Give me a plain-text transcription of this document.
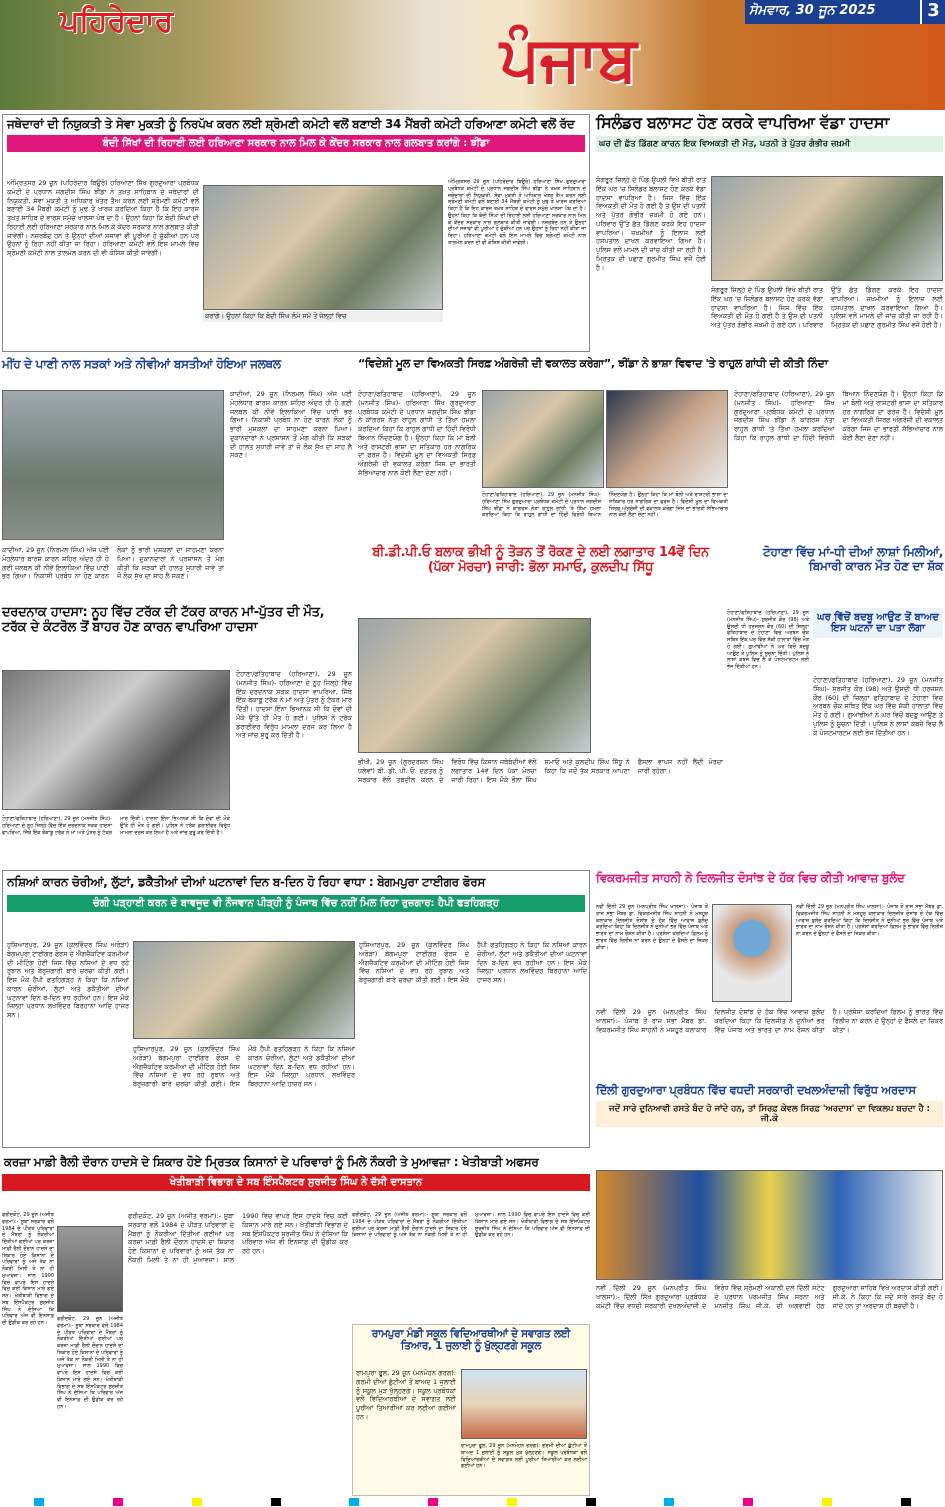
ਪਹਿਰੇਦਾਰ
ਪੰਜਾਬ
ਸੋਮਵਾਰ, 30 ਜੂਨ 2025	3
ਜਥੇਦਾਰਾਂ ਦੀ ਨਿਯੁਕਤੀ ਤੇ ਸੇਵਾ ਮੁਕਤੀ ਨੂੰ ਨਿਰਪੱਖ ਕਰਨ ਲਈ ਸ਼੍ਰੋਮਣੀ ਕਮੇਟੀ ਵਲੋਂ ਬਣਾਈ 34 ਮੈਂਬਰੀ ਕਮੇਟੀ ਹਰਿਆਣਾ ਕਮੇਟੀ ਵਲੋਂ ਰੱਦ
ਬੰਦੀ ਸਿੱਖਾਂ ਦੀ ਰਿਹਾਈ ਲਈ ਹਰਿਆਣਾ ਸਰਕਾਰ ਨਾਲ ਮਿਲ ਕੇ ਕੇਂਦਰ ਸਰਕਾਰ ਨਾਲ ਗਲਬਾਤ ਕਰਾਂਗੇ : ਝੀਂਡਾ
ਅੰਮ੍ਰਿਤਸਰ 29 ਜੂਨ (ਪਹਿਰੇਦਾਰ ਬਿਊਰੋ) ਹਰਿਆਣਾ ਸਿੱਖ ਗੁਰਦੁਆਰਾ ਪ੍ਰਬੰਧਕ ਕਮੇਟੀ ਦੇ ਪ੍ਰਧਾਨ ਜਗਦੀਸ਼ ਸਿੰਘ ਝੀਂਡਾ ਨੇ ਤਖ਼ਤ ਸਾਹਿਬਾਨ ਦੇ ਜਥੇਦਾਰਾਂ ਦੀ ਨਿਯੁਕਤੀ, ਸੇਵਾ ਮੁਕਤੀ ਤੇ ਅਧਿਕਾਰ ਖੇਤਰ ਤੈਅ ਕਰਨ ਲਈ ਸ਼੍ਰੋਮਣੀ ਕਮੇਟੀ ਵਲੋਂ ਬਣਾਈ 34 ਮੈਂਬਰੀ ਕਮੇਟੀ ਨੂੰ ਮੁਢ ਤੋਂ ਖਾਰਜ ਕਰਦਿਆਂ ਕਿਹਾ ਹੈ ਕਿ ਇਹ ਕਾਰਜ ਤਖ਼ਤ ਸਾਹਿਬ ਦੇ ਵਾਰਸ ਸਮੁੱਚੇ ਖਾਲਸਾ ਪੰਥ ਦਾ ਹੈ। ਉਹਨਾਂ ਕਿਹਾ ਕਿ ਬੰਦੀ ਸਿੰਘਾਂ ਦੀ ਰਿਹਾਈ ਲਈ ਹਰਿਆਣਾ ਸਰਕਾਰ ਨਾਲ ਮਿਲ ਕੇ ਕੇਂਦਰ ਸਰਕਾਰ ਨਾਲ ਗਲਬਾਤ ਕੀਤੀ ਜਾਵੇਗੀ। ਨਜ਼ਰਬੰਦ ਹਨ ਤੇ ਉਨ੍ਹਾਂ ਦੀਆਂ ਸਜਾਵਾਂ ਵੀ ਪੂਰੀਆਂ ਹੋ ਚੁੱਕੀਆਂ ਹਨ ਪਰ ਉਹਨਾਂ ਨੂੰ ਰਿਹਾ ਨਹੀਂ ਕੀਤਾ ਜਾ ਰਿਹਾ। ਹਰਿਆਣਾ ਕਮੇਟੀ ਵਲੋਂ ਇਸ ਮਾਮਲੇ ਵਿਚ ਸ਼੍ਰੋਮਣੀ ਕਮੇਟੀ ਨਾਲ ਤਾਲਮੇਲ ਕਰਨ ਦੀ ਵੀ ਕੋਸ਼ਿਸ਼ ਕੀਤੀ ਜਾਵੇਗੀ।
ਕਰਾਂਗੇ। ਉਹਨਾਂ ਕਿਹਾ ਕਿ ਬੰਦੀ ਸਿੰਘ ਲੰਮੇ ਸਮੇਂ ਤੋਂ ਜੇਲ੍ਹਾਂ ਵਿਚ
ਅੰਮ੍ਰਿਤਸਰ 29 ਜੂਨ (ਪਹਿਰੇਦਾਰ ਬਿਊਰੋ) ਹਰਿਆਣਾ ਸਿੱਖ ਗੁਰਦੁਆਰਾ ਪ੍ਰਬੰਧਕ ਕਮੇਟੀ ਦੇ ਪ੍ਰਧਾਨ ਜਗਦੀਸ਼ ਸਿੰਘ ਝੀਂਡਾ ਨੇ ਤਖ਼ਤ ਸਾਹਿਬਾਨ ਦੇ ਜਥੇਦਾਰਾਂ ਦੀ ਨਿਯੁਕਤੀ, ਸੇਵਾ ਮੁਕਤੀ ਤੇ ਅਧਿਕਾਰ ਖੇਤਰ ਤੈਅ ਕਰਨ ਲਈ ਸ਼੍ਰੋਮਣੀ ਕਮੇਟੀ ਵਲੋਂ ਬਣਾਈ 34 ਮੈਂਬਰੀ ਕਮੇਟੀ ਨੂੰ ਮੁਢ ਤੋਂ ਖਾਰਜ ਕਰਦਿਆਂ ਕਿਹਾ ਹੈ ਕਿ ਇਹ ਕਾਰਜ ਤਖ਼ਤ ਸਾਹਿਬ ਦੇ ਵਾਰਸ ਸਮੁੱਚੇ ਖਾਲਸਾ ਪੰਥ ਦਾ ਹੈ। ਉਹਨਾਂ ਕਿਹਾ ਕਿ ਬੰਦੀ ਸਿੰਘਾਂ ਦੀ ਰਿਹਾਈ ਲਈ ਹਰਿਆਣਾ ਸਰਕਾਰ ਨਾਲ ਮਿਲ ਕੇ ਕੇਂਦਰ ਸਰਕਾਰ ਨਾਲ ਗਲਬਾਤ ਕੀਤੀ ਜਾਵੇਗੀ। ਨਜ਼ਰਬੰਦ ਹਨ ਤੇ ਉਨ੍ਹਾਂ ਦੀਆਂ ਸਜਾਵਾਂ ਵੀ ਪੂਰੀਆਂ ਹੋ ਚੁੱਕੀਆਂ ਹਨ ਪਰ ਉਹਨਾਂ ਨੂੰ ਰਿਹਾ ਨਹੀਂ ਕੀਤਾ ਜਾ ਰਿਹਾ। ਹਰਿਆਣਾ ਕਮੇਟੀ ਵਲੋਂ ਇਸ ਮਾਮਲੇ ਵਿਚ ਸ਼੍ਰੋਮਣੀ ਕਮੇਟੀ ਨਾਲ ਤਾਲਮੇਲ ਕਰਨ ਦੀ ਵੀ ਕੋਸ਼ਿਸ਼ ਕੀਤੀ ਜਾਵੇਗੀ।
ਸਿਲੰਡਰ ਬਲਾਸਟ ਹੋਣ ਕਰਕੇ ਵਾਪਰਿਆ ਵੱਡਾ ਹਾਦਸਾ
ਘਰ ਦੀ ਛੱਤ ਡਿੱਗਣ ਕਾਰਨ ਇਕ ਵਿਅਕਤੀ ਦੀ ਮੌਤ, ਪਤਨੀ ਤੇ ਪੁੱਤਰ ਗੰਭੀਰ ਜ਼ਖ਼ਮੀ
ਸੰਗਰੂਰ ਜ਼ਿਲ੍ਹੇ ਦੇ ਪਿੰਡ ਉਪਲੀ ਵਿਖੇ ਬੀਤੀ ਰਾਤ ਇੱਕ ਘਰ 'ਚ ਸਿਲੰਡਰ ਬਲਾਸਟ ਹੋਣ ਕਰਕੇ ਵੱਡਾ ਹਾਦਸਾ ਵਾਪਰਿਆ ਹੈ। ਜਿਸ ਵਿੱਚ ਇੱਕ ਵਿਅਕਤੀ ਦੀ ਮੌਤ ਹੋ ਗਈ ਹੈ ਤੇ ਉਸ ਦੀ ਪਤਨੀ ਅਤੇ ਪੁੱਤਰ ਗੰਭੀਰ ਜ਼ਖ਼ਮੀ ਹੋ ਗਏ ਹਨ। ਪਰਿਵਾਰ ਉੱਤੇ ਛੱਤ ਡਿੱਗਣ ਕਰਕੇ ਇਹ ਹਾਦਸਾ ਵਾਪਰਿਆ। ਜ਼ਖ਼ਮੀਆਂ ਨੂੰ ਇਲਾਜ ਲਈ ਹਸਪਤਾਲ ਦਾਖਲ ਕਰਵਾਇਆ ਗਿਆ ਹੈ। ਪੁਲਿਸ ਵਲੋਂ ਮਾਮਲੇ ਦੀ ਜਾਂਚ ਕੀਤੀ ਜਾ ਰਹੀ ਹੈ। ਮ੍ਰਿਤਕ ਦੀ ਪਛਾਣ ਗੁਰਮੀਤ ਸਿੰਘ ਵਜੋਂ ਹੋਈ ਹੈ।
ਸੰਗਰੂਰ ਜ਼ਿਲ੍ਹੇ ਦੇ ਪਿੰਡ ਉਪਲੀ ਵਿਖੇ ਬੀਤੀ ਰਾਤ ਇੱਕ ਘਰ 'ਚ ਸਿਲੰਡਰ ਬਲਾਸਟ ਹੋਣ ਕਰਕੇ ਵੱਡਾ ਹਾਦਸਾ ਵਾਪਰਿਆ ਹੈ। ਜਿਸ ਵਿੱਚ ਇੱਕ ਵਿਅਕਤੀ ਦੀ ਮੌਤ ਹੋ ਗਈ ਹੈ ਤੇ ਉਸ ਦੀ ਪਤਨੀ ਅਤੇ ਪੁੱਤਰ ਗੰਭੀਰ ਜ਼ਖ਼ਮੀ ਹੋ ਗਏ ਹਨ। ਪਰਿਵਾਰ ਉੱਤੇ ਛੱਤ ਡਿੱਗਣ ਕਰਕੇ ਇਹ ਹਾਦਸਾ ਵਾਪਰਿਆ। ਜ਼ਖ਼ਮੀਆਂ ਨੂੰ ਇਲਾਜ ਲਈ ਹਸਪਤਾਲ ਦਾਖਲ ਕਰਵਾਇਆ ਗਿਆ ਹੈ। ਪੁਲਿਸ ਵਲੋਂ ਮਾਮਲੇ ਦੀ ਜਾਂਚ ਕੀਤੀ ਜਾ ਰਹੀ ਹੈ। ਮ੍ਰਿਤਕ ਦੀ ਪਛਾਣ ਗੁਰਮੀਤ ਸਿੰਘ ਵਜੋਂ ਹੋਈ ਹੈ।
ਮੀਂਹ ਦੇ ਪਾਣੀ ਨਾਲ ਸੜਕਾਂ ਅਤੇ ਨੀਵੀਆਂ ਬਸਤੀਆਂ ਹੋਇਆ ਜਲਥਲ
ਕਾਦੀਆਂ, 29 ਜੂਨ (ਨਿਰਮਲ ਸਿੰਘ) ਅੱਜ ਪਈ ਮੋਹਲੇਧਾਰ ਬਾਰਸ਼ ਕਾਰਨ ਸ਼ਹਿਰ ਅੰਦਰ ਹੀ ਹੋ ਗਈ ਜਲਥਲ ਕੀ ਨੀਵੇਂ ਇਲਾਕਿਆਂ ਵਿੱਚ ਪਾਣੀ ਭਰ ਗਿਆ। ਨਿਕਾਸੀ ਪ੍ਰਬੰਧ ਨਾ ਹੋਣ ਕਾਰਨ ਲੋਕਾਂ ਨੂੰ ਭਾਰੀ ਮੁਸ਼ਕਲਾਂ ਦਾ ਸਾਹਮਣਾ ਕਰਨਾ ਪਿਆ। ਦੁਕਾਨਦਾਰਾਂ ਨੇ ਪ੍ਰਸ਼ਾਸਨ ਤੋਂ ਮੰਗ ਕੀਤੀ ਕਿ ਸੜਕਾਂ ਦੀ ਹਾਲਤ ਸੁਧਾਰੀ ਜਾਵੇ ਤਾਂ ਜੋ ਲੋਕ ਸੁੱਖ ਦਾ ਸਾਹ ਲੈ ਸਕਣ।
ਕਾਦੀਆਂ, 29 ਜੂਨ (ਨਿਰਮਲ ਸਿੰਘ) ਅੱਜ ਪਈ ਮੋਹਲੇਧਾਰ ਬਾਰਸ਼ ਕਾਰਨ ਸ਼ਹਿਰ ਅੰਦਰ ਹੀ ਹੋ ਗਈ ਜਲਥਲ ਕੀ ਨੀਵੇਂ ਇਲਾਕਿਆਂ ਵਿੱਚ ਪਾਣੀ ਭਰ ਗਿਆ। ਨਿਕਾਸੀ ਪ੍ਰਬੰਧ ਨਾ ਹੋਣ ਕਾਰਨ ਲੋਕਾਂ ਨੂੰ ਭਾਰੀ ਮੁਸ਼ਕਲਾਂ ਦਾ ਸਾਹਮਣਾ ਕਰਨਾ ਪਿਆ। ਦੁਕਾਨਦਾਰਾਂ ਨੇ ਪ੍ਰਸ਼ਾਸਨ ਤੋਂ ਮੰਗ ਕੀਤੀ ਕਿ ਸੜਕਾਂ ਦੀ ਹਾਲਤ ਸੁਧਾਰੀ ਜਾਵੇ ਤਾਂ ਜੋ ਲੋਕ ਸੁੱਖ ਦਾ ਸਾਹ ਲੈ ਸਕਣ।
“ਵਿਦੇਸ਼ੀ ਮੂਲ ਦਾ ਵਿਅਕਤੀ ਸਿਰਫ਼ ਅੰਗਰੇਜ਼ੀ ਦੀ ਵਕਾਲਤ ਕਰੇਗਾ”, ਝੀਂਡਾ ਨੇ ਭਾਸ਼ਾ ਵਿਵਾਦ 'ਤੇ ਰਾਹੁਲ ਗਾਂਧੀ ਦੀ ਕੀਤੀ ਨਿੰਦਾ
ਟੋਹਾਣਾ/ਫਤਿਹਾਬਾਦ (ਹਰਿਆਣਾ), 29 ਜੂਨ (ਮਨਜੀਤ ਸਿੰਘ)- ਹਰਿਆਣਾ ਸਿੱਖ ਗੁਰਦੁਆਰਾ ਪ੍ਰਬੰਧਕ ਕਮੇਟੀ ਦੇ ਪ੍ਰਧਾਨ ਜਗਦੀਸ਼ ਸਿੰਘ ਝੀਂਡਾ ਨੇ ਕਾਂਗਰਸ ਨੇਤਾ ਰਾਹੁਲ ਗਾਂਧੀ 'ਤੇ ਤਿੱਖਾ ਹਮਲਾ ਕਰਦਿਆਂ ਕਿਹਾ ਕਿ ਰਾਹੁਲ ਗਾਂਧੀ ਦਾ ਹਿੰਦੀ ਵਿਰੋਧੀ ਬਿਆਨ ਨਿੰਦਣਯੋਗ ਹੈ। ਉਨ੍ਹਾਂ ਕਿਹਾ ਕਿ ਮਾਂ ਬੋਲੀ ਅਤੇ ਰਾਸ਼ਟਰੀ ਭਾਸ਼ਾ ਦਾ ਸਤਿਕਾਰ ਹਰ ਨਾਗਰਿਕ ਦਾ ਫਰਜ਼ ਹੈ। ਵਿਦੇਸ਼ੀ ਮੂਲ ਦਾ ਵਿਅਕਤੀ ਸਿਰਫ਼ ਅੰਗਰੇਜ਼ੀ ਦੀ ਵਕਾਲਤ ਕਰੇਗਾ ਜਿਸ ਦਾ ਭਾਰਤੀ ਸੱਭਿਆਚਾਰ ਨਾਲ ਕੋਈ ਲੈਣਾ ਦੇਣਾ ਨਹੀਂ।
ਟੋਹਾਣਾ/ਫਤਿਹਾਬਾਦ (ਹਰਿਆਣਾ), 29 ਜੂਨ (ਮਨਜੀਤ ਸਿੰਘ)- ਹਰਿਆਣਾ ਸਿੱਖ ਗੁਰਦੁਆਰਾ ਪ੍ਰਬੰਧਕ ਕਮੇਟੀ ਦੇ ਪ੍ਰਧਾਨ ਜਗਦੀਸ਼ ਸਿੰਘ ਝੀਂਡਾ ਨੇ ਕਾਂਗਰਸ ਨੇਤਾ ਰਾਹੁਲ ਗਾਂਧੀ 'ਤੇ ਤਿੱਖਾ ਹਮਲਾ ਕਰਦਿਆਂ ਕਿਹਾ ਕਿ ਰਾਹੁਲ ਗਾਂਧੀ ਦਾ ਹਿੰਦੀ ਵਿਰੋਧੀ ਬਿਆਨ ਨਿੰਦਣਯੋਗ ਹੈ। ਉਨ੍ਹਾਂ ਕਿਹਾ ਕਿ ਮਾਂ ਬੋਲੀ ਅਤੇ ਰਾਸ਼ਟਰੀ ਭਾਸ਼ਾ ਦਾ ਸਤਿਕਾਰ ਹਰ ਨਾਗਰਿਕ ਦਾ ਫਰਜ਼ ਹੈ। ਵਿਦੇਸ਼ੀ ਮੂਲ ਦਾ ਵਿਅਕਤੀ ਸਿਰਫ਼ ਅੰਗਰੇਜ਼ੀ ਦੀ ਵਕਾਲਤ ਕਰੇਗਾ ਜਿਸ ਦਾ ਭਾਰਤੀ ਸੱਭਿਆਚਾਰ ਨਾਲ ਕੋਈ ਲੈਣਾ ਦੇਣਾ ਨਹੀਂ।
ਟੋਹਾਣਾ/ਫਤਿਹਾਬਾਦ (ਹਰਿਆਣਾ), 29 ਜੂਨ (ਮਨਜੀਤ ਸਿੰਘ)- ਹਰਿਆਣਾ ਸਿੱਖ ਗੁਰਦੁਆਰਾ ਪ੍ਰਬੰਧਕ ਕਮੇਟੀ ਦੇ ਪ੍ਰਧਾਨ ਜਗਦੀਸ਼ ਸਿੰਘ ਝੀਂਡਾ ਨੇ ਕਾਂਗਰਸ ਨੇਤਾ ਰਾਹੁਲ ਗਾਂਧੀ 'ਤੇ ਤਿੱਖਾ ਹਮਲਾ ਕਰਦਿਆਂ ਕਿਹਾ ਕਿ ਰਾਹੁਲ ਗਾਂਧੀ ਦਾ ਹਿੰਦੀ ਵਿਰੋਧੀ ਬਿਆਨ ਨਿੰਦਣਯੋਗ ਹੈ। ਉਨ੍ਹਾਂ ਕਿਹਾ ਕਿ ਮਾਂ ਬੋਲੀ ਅਤੇ ਰਾਸ਼ਟਰੀ ਭਾਸ਼ਾ ਦਾ ਸਤਿਕਾਰ ਹਰ ਨਾਗਰਿਕ ਦਾ ਫਰਜ਼ ਹੈ। ਵਿਦੇਸ਼ੀ ਮੂਲ ਦਾ ਵਿਅਕਤੀ ਸਿਰਫ਼ ਅੰਗਰੇਜ਼ੀ ਦੀ ਵਕਾਲਤ ਕਰੇਗਾ ਜਿਸ ਦਾ ਭਾਰਤੀ ਸੱਭਿਆਚਾਰ ਨਾਲ ਕੋਈ ਲੈਣਾ ਦੇਣਾ ਨਹੀਂ।
ਬੀ.ਡੀ.ਪੀ.ਓ ਬਲਾਕ ਭੀਖੀ ਨੂੰ ਤੋੜਨ ਤੋਂ ਰੋਕਣ ਦੇ ਲਈ ਲਗਾਤਾਰ 14ਵੇਂ ਦਿਨ (ਪੱਕਾ ਮੋਰਚਾ) ਜਾਰੀ: ਭੋਲਾ ਸਮਾਓ, ਕੁਲਦੀਪ ਸਿੱਧੂ
ਭੀਖੀ, 29 ਜੂਨ (ਗੁਰਦਰਸ਼ਨ ਸਿੰਘ ਧਲੇਵਾਂ) ਬੀ. ਡੀ. ਪੀ. ਓ. ਦਫ਼ਤਰ ਨੂੰ ਸਰਕਾਰ ਵੱਲੋਂ ਤਬਦੀਲ ਕਰਨ ਦੇ ਵਿਰੋਧ ਵਿੱਚ ਕਿਸਾਨ ਜਥੇਬੰਦੀਆਂ ਵੱਲੋਂ ਲਗਾਤਾਰ 14ਵੇਂ ਦਿਨ ਪੱਕਾ ਮੋਰਚਾ ਜਾਰੀ ਰਿਹਾ। ਇਸ ਮੌਕੇ ਭੋਲਾ ਸਿੰਘ ਸਮਾਓ ਅਤੇ ਕੁਲਦੀਪ ਸਿੰਘ ਸਿੱਧੂ ਨੇ ਕਿਹਾ ਕਿ ਜਦੋਂ ਤੱਕ ਸਰਕਾਰ ਆਪਣਾ ਫੈਸਲਾ ਵਾਪਸ ਨਹੀਂ ਲੈਂਦੀ ਮੋਰਚਾ ਜਾਰੀ ਰਹੇਗਾ।
ਟੋਹਾਣਾ ਵਿੱਚ ਮਾਂ-ਧੀ ਦੀਆਂ ਲਾਸ਼ਾਂ ਮਿਲੀਆਂ, ਬਿਮਾਰੀ ਕਾਰਨ ਮੌਤ ਹੋਣ ਦਾ ਸ਼ੱਕ
ਘਰ ਵਿੱਚੋਂ ਬਦਬੂ ਆਉਣ ਤੋਂ ਬਾਅਦ ਇਸ ਘਟਨਾ ਦਾ ਪਤਾ ਲੱਗਾ
ਟੋਹਾਣਾ/ਫਤਿਹਾਬਾਦ (ਹਰਿਆਣਾ), 29 ਜੂਨ (ਮਨਜੀਤ ਸਿੰਘ)- ਸੁਰਜੀਤ ਕੌਰ (98) ਅਤੇ ਉਸਦੀ ਧੀ ਹਰਜਸ਼ਨ ਕੌਰ (60) ਦੀ ਜ਼ਿਲ੍ਹਾ ਫਤਿਹਾਬਾਦ ਦੇ ਟੋਹਾਣਾ ਵਿਚ ਅਰਬਨ ਚੌਕ ਸਥਿਤ ਇੱਕ ਘਰ ਵਿੱਚ ਸ਼ੱਕੀ ਹਾਲਾਤਾਂ ਵਿੱਚ ਮੌਤ ਹੋ ਗਈ। ਗੁਆਂਢੀਆਂ ਨੇ ਘਰ ਵਿਚੋਂ ਬਦਬੂ ਆਉਣ ਤੇ ਪੁਲਿਸ ਨੂੰ ਸੂਚਨਾ ਦਿੱਤੀ। ਪੁਲਿਸ ਨੇ ਲਾਸ਼ਾਂ ਕਬਜ਼ੇ ਵਿਚ ਲੈ ਕੇ ਪੋਸਟਮਾਰਟਮ ਲਈ ਭੇਜ ਦਿੱਤੀਆਂ ਹਨ।
ਟੋਹਾਣਾ/ਫਤਿਹਾਬਾਦ (ਹਰਿਆਣਾ), 29 ਜੂਨ (ਮਨਜੀਤ ਸਿੰਘ)- ਸੁਰਜੀਤ ਕੌਰ (98) ਅਤੇ ਉਸਦੀ ਧੀ ਹਰਜਸ਼ਨ ਕੌਰ (60) ਦੀ ਜ਼ਿਲ੍ਹਾ ਫਤਿਹਾਬਾਦ ਦੇ ਟੋਹਾਣਾ ਵਿਚ ਅਰਬਨ ਚੌਕ ਸਥਿਤ ਇੱਕ ਘਰ ਵਿੱਚ ਸ਼ੱਕੀ ਹਾਲਾਤਾਂ ਵਿੱਚ ਮੌਤ ਹੋ ਗਈ। ਗੁਆਂਢੀਆਂ ਨੇ ਘਰ ਵਿਚੋਂ ਬਦਬੂ ਆਉਣ ਤੇ ਪੁਲਿਸ ਨੂੰ ਸੂਚਨਾ ਦਿੱਤੀ। ਪੁਲਿਸ ਨੇ ਲਾਸ਼ਾਂ ਕਬਜ਼ੇ ਵਿਚ ਲੈ ਕੇ ਪੋਸਟਮਾਰਟਮ ਲਈ ਭੇਜ ਦਿੱਤੀਆਂ ਹਨ।
ਦਰਦਨਾਕ ਹਾਦਸਾ: ਨੂਹ ਵਿੱਚ ਟਰੱਕ ਦੀ ਟੱਕਰ ਕਾਰਨ ਮਾਂ-ਪੁੱਤਰ ਦੀ ਮੌਤ, ਟਰੱਕ ਦੇ ਕੰਟਰੋਲ ਤੋਂ ਬਾਹਰ ਹੋਣ ਕਾਰਨ ਵਾਪਰਿਆ ਹਾਦਸਾ
ਟੋਹਾਣਾ/ਫਤਿਹਾਬਾਦ (ਹਰਿਆਣਾ), 29 ਜੂਨ (ਮਨਜੀਤ ਸਿੰਘ)- ਹਰਿਆਣਾ ਦੇ ਨੂਹ ਜ਼ਿਲ੍ਹੇ ਵਿੱਚ ਇੱਕ ਦਰਦਨਾਕ ਸੜਕ ਹਾਦਸਾ ਵਾਪਰਿਆ, ਜਿੱਥੇ ਇੱਕ ਬੇਕਾਬੂ ਟਰੱਕ ਨੇ ਮਾਂ ਅਤੇ ਪੁੱਤਰ ਨੂੰ ਟੱਕਰ ਮਾਰ ਦਿੱਤੀ। ਹਾਦਸਾ ਇੰਨਾ ਭਿਆਨਕ ਸੀ ਕਿ ਦੋਵਾਂ ਦੀ ਮੌਕੇ ਉੱਤੇ ਹੀ ਮੌਤ ਹੋ ਗਈ। ਪੁਲਿਸ ਨੇ ਟਰੱਕ ਡਰਾਈਵਰ ਵਿਰੁੱਧ ਮਾਮਲਾ ਦਰਜ ਕਰ ਲਿਆ ਹੈ ਅਤੇ ਜਾਂਚ ਸ਼ੁਰੂ ਕਰ ਦਿੱਤੀ ਹੈ।
ਟੋਹਾਣਾ/ਫਤਿਹਾਬਾਦ (ਹਰਿਆਣਾ), 29 ਜੂਨ (ਮਨਜੀਤ ਸਿੰਘ)- ਹਰਿਆਣਾ ਦੇ ਨੂਹ ਜ਼ਿਲ੍ਹੇ ਵਿੱਚ ਇੱਕ ਦਰਦਨਾਕ ਸੜਕ ਹਾਦਸਾ ਵਾਪਰਿਆ, ਜਿੱਥੇ ਇੱਕ ਬੇਕਾਬੂ ਟਰੱਕ ਨੇ ਮਾਂ ਅਤੇ ਪੁੱਤਰ ਨੂੰ ਟੱਕਰ ਮਾਰ ਦਿੱਤੀ। ਹਾਦਸਾ ਇੰਨਾ ਭਿਆਨਕ ਸੀ ਕਿ ਦੋਵਾਂ ਦੀ ਮੌਕੇ ਉੱਤੇ ਹੀ ਮੌਤ ਹੋ ਗਈ। ਪੁਲਿਸ ਨੇ ਟਰੱਕ ਡਰਾਈਵਰ ਵਿਰੁੱਧ ਮਾਮਲਾ ਦਰਜ ਕਰ ਲਿਆ ਹੈ ਅਤੇ ਜਾਂਚ ਸ਼ੁਰੂ ਕਰ ਦਿੱਤੀ ਹੈ।
ਨਸ਼ਿਆਂ ਕਾਰਨ ਚੋਰੀਆਂ, ਲੁੱਟਾਂ, ਡਕੈਤੀਆਂ ਦੀਆਂ ਘਟਨਾਵਾਂ ਦਿਨ ਬ-ਦਿਨ ਹੋ ਰਿਹਾ ਵਾਧਾ : ਬੇਗਮਪੁਰਾ ਟਾਈਗਰ ਫੋਰਸ
ਚੰਗੀ ਪੜ੍ਹਾਈ ਕਰਨ ਦੇ ਬਾਵਜੂਦ ਵੀ ਨੌਜਵਾਨ ਪੀੜ੍ਹੀ ਨੂੰ ਪੰਜਾਬ ਵਿੱਚ ਨਹੀਂ ਮਿਲ ਰਿਹਾ ਰੁਜ਼ਗਾਰ: ਹੈਪੀ ਫਤਹਿਗੜ੍ਹ
ਹੁਸ਼ਿਆਰਪੁਰ, 29 ਜੂਨ (ਕੁਲਵਿੰਦਰ ਸਿੰਘ ਅਰੋੜਾ) ਬੇਗਮਪੁਰਾ ਟਾਈਗਰ ਫੋਰਸ ਦੇ ਐਗਜ਼ੈਕਟਿਵ ਕਰਮੀਆਂ ਦੀ ਮੀਟਿੰਗ ਹੋਈ ਜਿਸ ਵਿੱਚ ਨਸ਼ਿਆਂ ਦੇ ਵਧ ਰਹੇ ਰੁਝਾਨ ਅਤੇ ਬੇਰੁਜ਼ਗਾਰੀ ਬਾਰੇ ਚਰਚਾ ਕੀਤੀ ਗਈ। ਇਸ ਮੌਕੇ ਹੈਪੀ ਫਤਹਿਗੜ੍ਹ ਨੇ ਕਿਹਾ ਕਿ ਨਸ਼ਿਆਂ ਕਾਰਨ ਚੋਰੀਆਂ, ਲੁੱਟਾਂ ਅਤੇ ਡਕੈਤੀਆਂ ਦੀਆਂ ਘਟਨਾਵਾਂ ਦਿਨ ਬ-ਦਿਨ ਵਧ ਰਹੀਆਂ ਹਨ। ਇਸ ਮੌਕੇ ਜ਼ਿਲ੍ਹਾ ਪ੍ਰਧਾਨ ਲਖਵਿੰਦਰ ਬਿਰਹਾਨਾ ਆਦਿ ਹਾਜ਼ਰ ਸਨ।
ਹੁਸ਼ਿਆਰਪੁਰ, 29 ਜੂਨ (ਕੁਲਵਿੰਦਰ ਸਿੰਘ ਅਰੋੜਾ) ਬੇਗਮਪੁਰਾ ਟਾਈਗਰ ਫੋਰਸ ਦੇ ਐਗਜ਼ੈਕਟਿਵ ਕਰਮੀਆਂ ਦੀ ਮੀਟਿੰਗ ਹੋਈ ਜਿਸ ਵਿੱਚ ਨਸ਼ਿਆਂ ਦੇ ਵਧ ਰਹੇ ਰੁਝਾਨ ਅਤੇ ਬੇਰੁਜ਼ਗਾਰੀ ਬਾਰੇ ਚਰਚਾ ਕੀਤੀ ਗਈ। ਇਸ ਮੌਕੇ ਹੈਪੀ ਫਤਹਿਗੜ੍ਹ ਨੇ ਕਿਹਾ ਕਿ ਨਸ਼ਿਆਂ ਕਾਰਨ ਚੋਰੀਆਂ, ਲੁੱਟਾਂ ਅਤੇ ਡਕੈਤੀਆਂ ਦੀਆਂ ਘਟਨਾਵਾਂ ਦਿਨ ਬ-ਦਿਨ ਵਧ ਰਹੀਆਂ ਹਨ। ਇਸ ਮੌਕੇ ਜ਼ਿਲ੍ਹਾ ਪ੍ਰਧਾਨ ਲਖਵਿੰਦਰ ਬਿਰਹਾਨਾ ਆਦਿ ਹਾਜ਼ਰ ਸਨ।
ਹੁਸ਼ਿਆਰਪੁਰ, 29 ਜੂਨ (ਕੁਲਵਿੰਦਰ ਸਿੰਘ ਅਰੋੜਾ) ਬੇਗਮਪੁਰਾ ਟਾਈਗਰ ਫੋਰਸ ਦੇ ਐਗਜ਼ੈਕਟਿਵ ਕਰਮੀਆਂ ਦੀ ਮੀਟਿੰਗ ਹੋਈ ਜਿਸ ਵਿੱਚ ਨਸ਼ਿਆਂ ਦੇ ਵਧ ਰਹੇ ਰੁਝਾਨ ਅਤੇ ਬੇਰੁਜ਼ਗਾਰੀ ਬਾਰੇ ਚਰਚਾ ਕੀਤੀ ਗਈ। ਇਸ ਮੌਕੇ ਹੈਪੀ ਫਤਹਿਗੜ੍ਹ ਨੇ ਕਿਹਾ ਕਿ ਨਸ਼ਿਆਂ ਕਾਰਨ ਚੋਰੀਆਂ, ਲੁੱਟਾਂ ਅਤੇ ਡਕੈਤੀਆਂ ਦੀਆਂ ਘਟਨਾਵਾਂ ਦਿਨ ਬ-ਦਿਨ ਵਧ ਰਹੀਆਂ ਹਨ। ਇਸ ਮੌਕੇ ਜ਼ਿਲ੍ਹਾ ਪ੍ਰਧਾਨ ਲਖਵਿੰਦਰ ਬਿਰਹਾਨਾ ਆਦਿ ਹਾਜ਼ਰ ਸਨ।
ਵਿਕਰਮਜੀਤ ਸਾਹਨੀ ਨੇ ਦਿਲਜੀਤ ਦੋਸਾਂਝ ਦੇ ਹੱਕ ਵਿਚ ਕੀਤੀ ਆਵਾਜ਼ ਬੁਲੰਦ
ਨਵੀਂ ਦਿੱਲੀ 29 ਜੂਨ (ਮਨਪ੍ਰੀਤ ਸਿੰਘ ਖਾਲਸਾ):- ਪੰਜਾਬ ਤੋਂ ਰਾਜ ਸਭਾ ਮੈਂਬਰ ਡਾ. ਵਿਕਰਮਜੀਤ ਸਿੰਘ ਸਾਹਨੀ ਨੇ ਮਸ਼ਹੂਰ ਕਲਾਕਾਰ ਦਿਲਜੀਤ ਦੋਸਾਂਝ ਦੇ ਹੱਕ ਵਿੱਚ ਆਵਾਜ਼ ਬੁਲੰਦ ਕਰਦਿਆਂ ਕਿਹਾ ਕਿ ਦਿਲਜੀਤ ਨੇ ਦੁਨੀਆਂ ਭਰ ਵਿੱਚ ਪੰਜਾਬ ਅਤੇ ਭਾਰਤ ਦਾ ਨਾਮ ਰੌਸ਼ਨ ਕੀਤਾ ਹੈ। ਪ੍ਰਸ਼ੰਸਾ ਕਰਦਿਆਂ ਫ਼ਿਲਮ ਨੂੰ ਭਾਰਤ ਵਿੱਚ ਰਿਲੀਜ਼ ਨਾ ਕਰਨ ਦੇ ਉਨ੍ਹਾਂ ਦੇ ਫੈਸਲੇ ਦਾ ਜ਼ਿਕਰ ਕੀਤਾ।
ਨਵੀਂ ਦਿੱਲੀ 29 ਜੂਨ (ਮਨਪ੍ਰੀਤ ਸਿੰਘ ਖਾਲਸਾ):- ਪੰਜਾਬ ਤੋਂ ਰਾਜ ਸਭਾ ਮੈਂਬਰ ਡਾ. ਵਿਕਰਮਜੀਤ ਸਿੰਘ ਸਾਹਨੀ ਨੇ ਮਸ਼ਹੂਰ ਕਲਾਕਾਰ ਦਿਲਜੀਤ ਦੋਸਾਂਝ ਦੇ ਹੱਕ ਵਿੱਚ ਆਵਾਜ਼ ਬੁਲੰਦ ਕਰਦਿਆਂ ਕਿਹਾ ਕਿ ਦਿਲਜੀਤ ਨੇ ਦੁਨੀਆਂ ਭਰ ਵਿੱਚ ਪੰਜਾਬ ਅਤੇ ਭਾਰਤ ਦਾ ਨਾਮ ਰੌਸ਼ਨ ਕੀਤਾ ਹੈ। ਪ੍ਰਸ਼ੰਸਾ ਕਰਦਿਆਂ ਫ਼ਿਲਮ ਨੂੰ ਭਾਰਤ ਵਿੱਚ ਰਿਲੀਜ਼ ਨਾ ਕਰਨ ਦੇ ਉਨ੍ਹਾਂ ਦੇ ਫੈਸਲੇ ਦਾ ਜ਼ਿਕਰ ਕੀਤਾ।
ਨਵੀਂ ਦਿੱਲੀ 29 ਜੂਨ (ਮਨਪ੍ਰੀਤ ਸਿੰਘ ਖਾਲਸਾ):- ਪੰਜਾਬ ਤੋਂ ਰਾਜ ਸਭਾ ਮੈਂਬਰ ਡਾ. ਵਿਕਰਮਜੀਤ ਸਿੰਘ ਸਾਹਨੀ ਨੇ ਮਸ਼ਹੂਰ ਕਲਾਕਾਰ ਦਿਲਜੀਤ ਦੋਸਾਂਝ ਦੇ ਹੱਕ ਵਿੱਚ ਆਵਾਜ਼ ਬੁਲੰਦ ਕਰਦਿਆਂ ਕਿਹਾ ਕਿ ਦਿਲਜੀਤ ਨੇ ਦੁਨੀਆਂ ਭਰ ਵਿੱਚ ਪੰਜਾਬ ਅਤੇ ਭਾਰਤ ਦਾ ਨਾਮ ਰੌਸ਼ਨ ਕੀਤਾ ਹੈ। ਪ੍ਰਸ਼ੰਸਾ ਕਰਦਿਆਂ ਫ਼ਿਲਮ ਨੂੰ ਭਾਰਤ ਵਿੱਚ ਰਿਲੀਜ਼ ਨਾ ਕਰਨ ਦੇ ਉਨ੍ਹਾਂ ਦੇ ਫੈਸਲੇ ਦਾ ਜ਼ਿਕਰ ਕੀਤਾ।
ਦਿੱਲੀ ਗੁਰਦੁਆਰਾ ਪ੍ਰਬੰਧਨ ਵਿੱਚ ਵਧਦੀ ਸਰਕਾਰੀ ਦਖਲਅੰਦਾਜ਼ੀ ਵਿਰੁੱਧ ਅਰਦਾਸ
ਜਦੋਂ ਸਾਰੇ ਦੁਨਿਆਵੀ ਰਸਤੇ ਬੰਦ ਹੋ ਜਾਂਦੇ ਹਨ, ਤਾਂ ਸਿਰਫ਼ ਕੇਵਲ ਸਿਰਫ਼ 'ਅਰਦਾਸ' ਦਾ ਵਿਕਲਪ ਬਚਦਾ ਹੈ : ਜੀ.ਕੇ
ਨਵੀਂ ਦਿੱਲੀ 29 ਜੂਨ (ਮਨਪ੍ਰੀਤ ਸਿੰਘ ਖਾਲਸਾ):- ਦਿੱਲੀ ਸਿੱਖ ਗੁਰਦੁਆਰਾ ਪ੍ਰਬੰਧਕ ਕਮੇਟੀ ਵਿੱਚ ਵਧਦੀ ਸਰਕਾਰੀ ਦਖਲਅੰਦਾਜ਼ੀ ਦੇ ਵਿਰੋਧ ਵਿੱਚ ਸ਼੍ਰੋਮਣੀ ਅਕਾਲੀ ਦਲ ਦਿੱਲੀ ਸਟੇਟ ਦੇ ਪ੍ਰਧਾਨ ਪਰਮਜੀਤ ਸਿੰਘ ਸਰਨਾ ਅਤੇ ਮਨਜੀਤ ਸਿੰਘ ਜੀ.ਕੇ. ਦੀ ਅਗਵਾਈ ਹੇਠ ਗੁਰਦੁਆਰਾ ਸਾਹਿਬ ਵਿਖੇ ਅਰਦਾਸ ਕੀਤੀ ਗਈ। ਜੀ.ਕੇ. ਨੇ ਕਿਹਾ ਕਿ ਜਦੋਂ ਸਾਰੇ ਰਸਤੇ ਬੰਦ ਹੋ ਜਾਂਦੇ ਹਨ ਤਾਂ ਅਰਦਾਸ ਹੀ ਬਚਦੀ ਹੈ।
ਕਰਜ਼ਾ ਮਾਫ਼ੀ ਰੈਲੀ ਦੌਰਾਨ ਹਾਦਸੇ ਦੇ ਸ਼ਿਕਾਰ ਹੋਏ ਮ੍ਰਿਤਕ ਕਿਸਾਨਾਂ ਦੇ ਪਰਿਵਾਰਾਂ ਨੂੰ ਮਿਲੇ ਨੌਕਰੀ ਤੇ ਮੁਆਵਜ਼ਾ : ਖੇਤੀਬਾੜੀ ਅਫਸਰ
ਖੇਤੀਬਾੜੀ ਵਿਭਾਗ ਦੇ ਸਬ ਇੰਸਪੈਕਟਰ ਸੁਰਜੀਤ ਸਿੰਘ ਨੇ ਦੱਸੀ ਦਾਸਤਾਨ
ਫਰੀਦਕੋਟ, 29 ਜੂਨ (ਅਜੀਤ ਵਰਮਾ):- ਸੂਬਾ ਸਰਕਾਰ ਵਲੋਂ 1984 ਦੇ ਪੀੜਤ ਪਰਿਵਾਰਾਂ ਦੇ ਮੈਂਬਰਾਂ ਨੂੰ ਨੌਕਰੀਆਂ ਦਿੱਤੀਆਂ ਗਈਆਂ ਪਰ ਕਰਜ਼ਾ ਮਾਫ਼ੀ ਰੈਲੀ ਦੌਰਾਨ ਹਾਦਸੇ ਦਾ ਸ਼ਿਕਾਰ ਹੋਏ ਕਿਸਾਨਾਂ ਦੇ ਪਰਿਵਾਰਾਂ ਨੂੰ ਅਜੇ ਤੱਕ ਨਾ ਨੌਕਰੀ ਮਿਲੀ ਤੇ ਨਾ ਹੀ ਮੁਆਵਜ਼ਾ। ਸਾਲ 1990 ਵਿਚ ਵਾਪਰੇ ਇਸ ਹਾਦਸੇ ਵਿਚ ਕਈ ਕਿਸਾਨ ਮਾਰੇ ਗਏ ਸਨ। ਖੇਤੀਬਾੜੀ ਵਿਭਾਗ ਦੇ ਸਬ ਇੰਸਪੈਕਟਰ ਸੁਰਜੀਤ ਸਿੰਘ ਨੇ ਦੱਸਿਆ ਕਿ ਪਰਿਵਾਰ ਅੱਜ ਵੀ ਇਨਸਾਫ਼ ਦੀ ਉਡੀਕ ਕਰ ਰਹੇ ਹਨ।
ਫਰੀਦਕੋਟ, 29 ਜੂਨ (ਅਜੀਤ ਵਰਮਾ):- ਸੂਬਾ ਸਰਕਾਰ ਵਲੋਂ 1984 ਦੇ ਪੀੜਤ ਪਰਿਵਾਰਾਂ ਦੇ ਮੈਂਬਰਾਂ ਨੂੰ ਨੌਕਰੀਆਂ ਦਿੱਤੀਆਂ ਗਈਆਂ ਪਰ ਕਰਜ਼ਾ ਮਾਫ਼ੀ ਰੈਲੀ ਦੌਰਾਨ ਹਾਦਸੇ ਦਾ ਸ਼ਿਕਾਰ ਹੋਏ ਕਿਸਾਨਾਂ ਦੇ ਪਰਿਵਾਰਾਂ ਨੂੰ ਅਜੇ ਤੱਕ ਨਾ ਨੌਕਰੀ ਮਿਲੀ ਤੇ ਨਾ ਹੀ ਮੁਆਵਜ਼ਾ। ਸਾਲ 1990 ਵਿਚ ਵਾਪਰੇ ਇਸ ਹਾਦਸੇ ਵਿਚ ਕਈ ਕਿਸਾਨ ਮਾਰੇ ਗਏ ਸਨ। ਖੇਤੀਬਾੜੀ ਵਿਭਾਗ ਦੇ ਸਬ ਇੰਸਪੈਕਟਰ ਸੁਰਜੀਤ ਸਿੰਘ ਨੇ ਦੱਸਿਆ ਕਿ ਪਰਿਵਾਰ ਅੱਜ ਵੀ ਇਨਸਾਫ਼ ਦੀ ਉਡੀਕ ਕਰ ਰਹੇ ਹਨ।
ਫਰੀਦਕੋਟ, 29 ਜੂਨ (ਅਜੀਤ ਵਰਮਾ):- ਸੂਬਾ ਸਰਕਾਰ ਵਲੋਂ 1984 ਦੇ ਪੀੜਤ ਪਰਿਵਾਰਾਂ ਦੇ ਮੈਂਬਰਾਂ ਨੂੰ ਨੌਕਰੀਆਂ ਦਿੱਤੀਆਂ ਗਈਆਂ ਪਰ ਕਰਜ਼ਾ ਮਾਫ਼ੀ ਰੈਲੀ ਦੌਰਾਨ ਹਾਦਸੇ ਦਾ ਸ਼ਿਕਾਰ ਹੋਏ ਕਿਸਾਨਾਂ ਦੇ ਪਰਿਵਾਰਾਂ ਨੂੰ ਅਜੇ ਤੱਕ ਨਾ ਨੌਕਰੀ ਮਿਲੀ ਤੇ ਨਾ ਹੀ ਮੁਆਵਜ਼ਾ। ਸਾਲ 1990 ਵਿਚ ਵਾਪਰੇ ਇਸ ਹਾਦਸੇ ਵਿਚ ਕਈ ਕਿਸਾਨ ਮਾਰੇ ਗਏ ਸਨ। ਖੇਤੀਬਾੜੀ ਵਿਭਾਗ ਦੇ ਸਬ ਇੰਸਪੈਕਟਰ ਸੁਰਜੀਤ ਸਿੰਘ ਨੇ ਦੱਸਿਆ ਕਿ ਪਰਿਵਾਰ ਅੱਜ ਵੀ ਇਨਸਾਫ਼ ਦੀ ਉਡੀਕ ਕਰ ਰਹੇ ਹਨ।
ਫਰੀਦਕੋਟ, 29 ਜੂਨ (ਅਜੀਤ ਵਰਮਾ):- ਸੂਬਾ ਸਰਕਾਰ ਵਲੋਂ 1984 ਦੇ ਪੀੜਤ ਪਰਿਵਾਰਾਂ ਦੇ ਮੈਂਬਰਾਂ ਨੂੰ ਨੌਕਰੀਆਂ ਦਿੱਤੀਆਂ ਗਈਆਂ ਪਰ ਕਰਜ਼ਾ ਮਾਫ਼ੀ ਰੈਲੀ ਦੌਰਾਨ ਹਾਦਸੇ ਦਾ ਸ਼ਿਕਾਰ ਹੋਏ ਕਿਸਾਨਾਂ ਦੇ ਪਰਿਵਾਰਾਂ ਨੂੰ ਅਜੇ ਤੱਕ ਨਾ ਨੌਕਰੀ ਮਿਲੀ ਤੇ ਨਾ ਹੀ ਮੁਆਵਜ਼ਾ। ਸਾਲ 1990 ਵਿਚ ਵਾਪਰੇ ਇਸ ਹਾਦਸੇ ਵਿਚ ਕਈ ਕਿਸਾਨ ਮਾਰੇ ਗਏ ਸਨ। ਖੇਤੀਬਾੜੀ ਵਿਭਾਗ ਦੇ ਸਬ ਇੰਸਪੈਕਟਰ ਸੁਰਜੀਤ ਸਿੰਘ ਨੇ ਦੱਸਿਆ ਕਿ ਪਰਿਵਾਰ ਅੱਜ ਵੀ ਇਨਸਾਫ਼ ਦੀ ਉਡੀਕ ਕਰ ਰਹੇ ਹਨ।
ਰਾਮਪੁਰਾ ਮੰਡੀ ਸਕੂਲ ਵਿਦਿਆਰਥੀਆਂ ਦੇ ਸਵਾਗਤ ਲਈ ਤਿਆਰ, 1 ਜੁਲਾਈ ਨੂੰ ਖੁੱਲ੍ਹਣਗੇ ਸਕੂਲ
ਰਾਮਪੁਰਾ ਫੂਲ, 29 ਜੂਨ (ਮਨਮੋਹਨ ਗਰਗ): ਗਰਮੀ ਦੀਆਂ ਛੁੱਟੀਆਂ ਤੋਂ ਬਾਅਦ 1 ਜੁਲਾਈ ਨੂੰ ਸਕੂਲ ਮੁੜ ਖੁੱਲ੍ਹਣਗੇ। ਸਕੂਲ ਪ੍ਰਬੰਧਕਾਂ ਵਲੋਂ ਵਿਦਿਆਰਥੀਆਂ ਦੇ ਸਵਾਗਤ ਲਈ ਪੂਰੀਆਂ ਤਿਆਰੀਆਂ ਕਰ ਲਈਆਂ ਗਈਆਂ ਹਨ।
ਰਾਮਪੁਰਾ ਫੂਲ, 29 ਜੂਨ (ਮਨਮੋਹਨ ਗਰਗ): ਗਰਮੀ ਦੀਆਂ ਛੁੱਟੀਆਂ ਤੋਂ ਬਾਅਦ 1 ਜੁਲਾਈ ਨੂੰ ਸਕੂਲ ਮੁੜ ਖੁੱਲ੍ਹਣਗੇ। ਸਕੂਲ ਪ੍ਰਬੰਧਕਾਂ ਵਲੋਂ ਵਿਦਿਆਰਥੀਆਂ ਦੇ ਸਵਾਗਤ ਲਈ ਪੂਰੀਆਂ ਤਿਆਰੀਆਂ ਕਰ ਲਈਆਂ ਗਈਆਂ ਹਨ।
